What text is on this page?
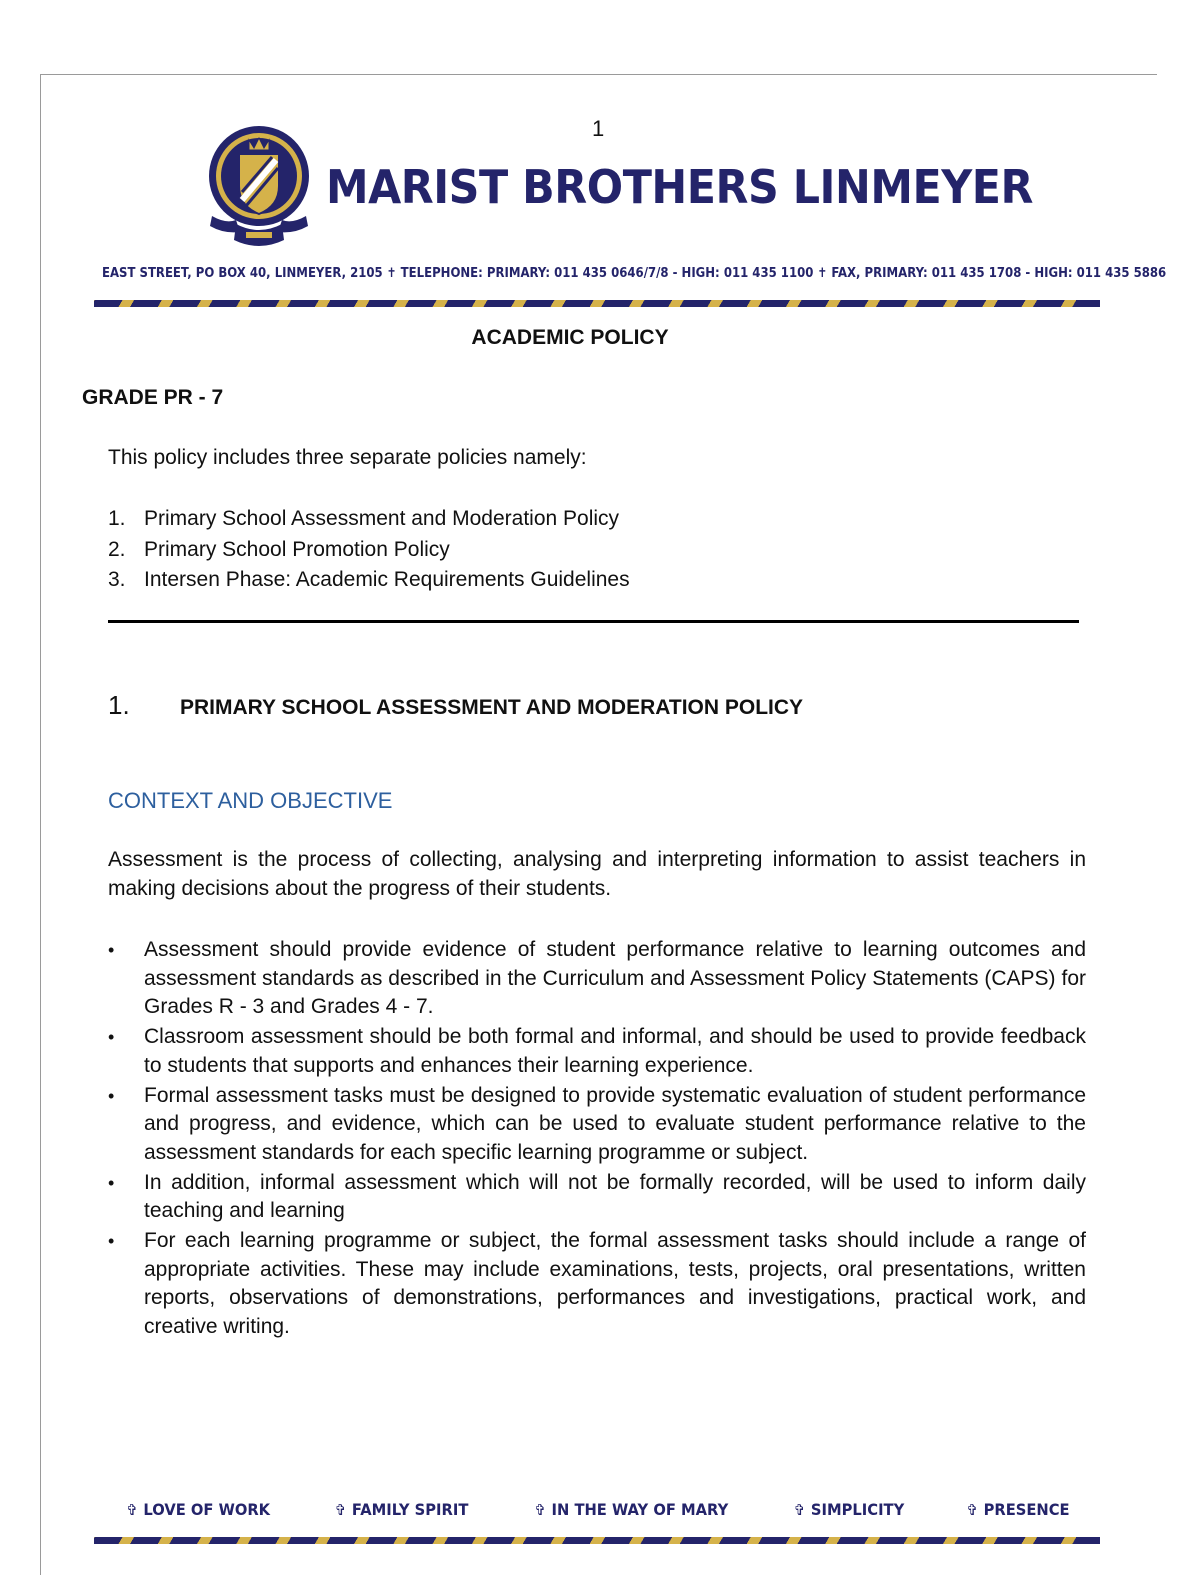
1
MARIST BROTHERS LINMEYER
EAST STREET, PO BOX 40, LINMEYER, 2105 ✝ TELEPHONE: PRIMARY: 011 435 0646/7/8 - HIGH: 011 435 1100 ✝ FAX, PRIMARY: 011 435 1708 - HIGH: 011 435 5886
ACADEMIC POLICY
GRADE PR - 7
This policy includes three separate policies namely:
1. Primary School Assessment and Moderation Policy
2. Primary School Promotion Policy
3. Intersen Phase: Academic Requirements Guidelines
1. PRIMARY SCHOOL ASSESSMENT AND MODERATION POLICY
CONTEXT AND OBJECTIVE
Assessment is the process of collecting, analysing and interpreting information to assist teachers in making decisions about the progress of their students.
• Assessment should provide evidence of student performance relative to learning outcomes and assessment standards as described in the Curriculum and Assessment Policy Statements (CAPS) for Grades R - 3 and Grades 4 - 7.
• Classroom assessment should be both formal and informal, and should be used to provide feedback to students that supports and enhances their learning experience.
• Formal assessment tasks must be designed to provide systematic evaluation of student performance and progress, and evidence, which can be used to evaluate student performance relative to the assessment standards for each specific learning programme or subject.
• In addition, informal assessment which will not be formally recorded, will be used to inform daily teaching and learning
• For each learning programme or subject, the formal assessment tasks should include a range of appropriate activities. These may include examinations, tests, projects, oral presentations, written reports, observations of demonstrations, performances and investigations, practical work, and creative writing.
✞ LOVE OF WORK	✞ FAMILY SPIRIT	✞ IN THE WAY OF MARY	✞ SIMPLICITY	✞ PRESENCE
